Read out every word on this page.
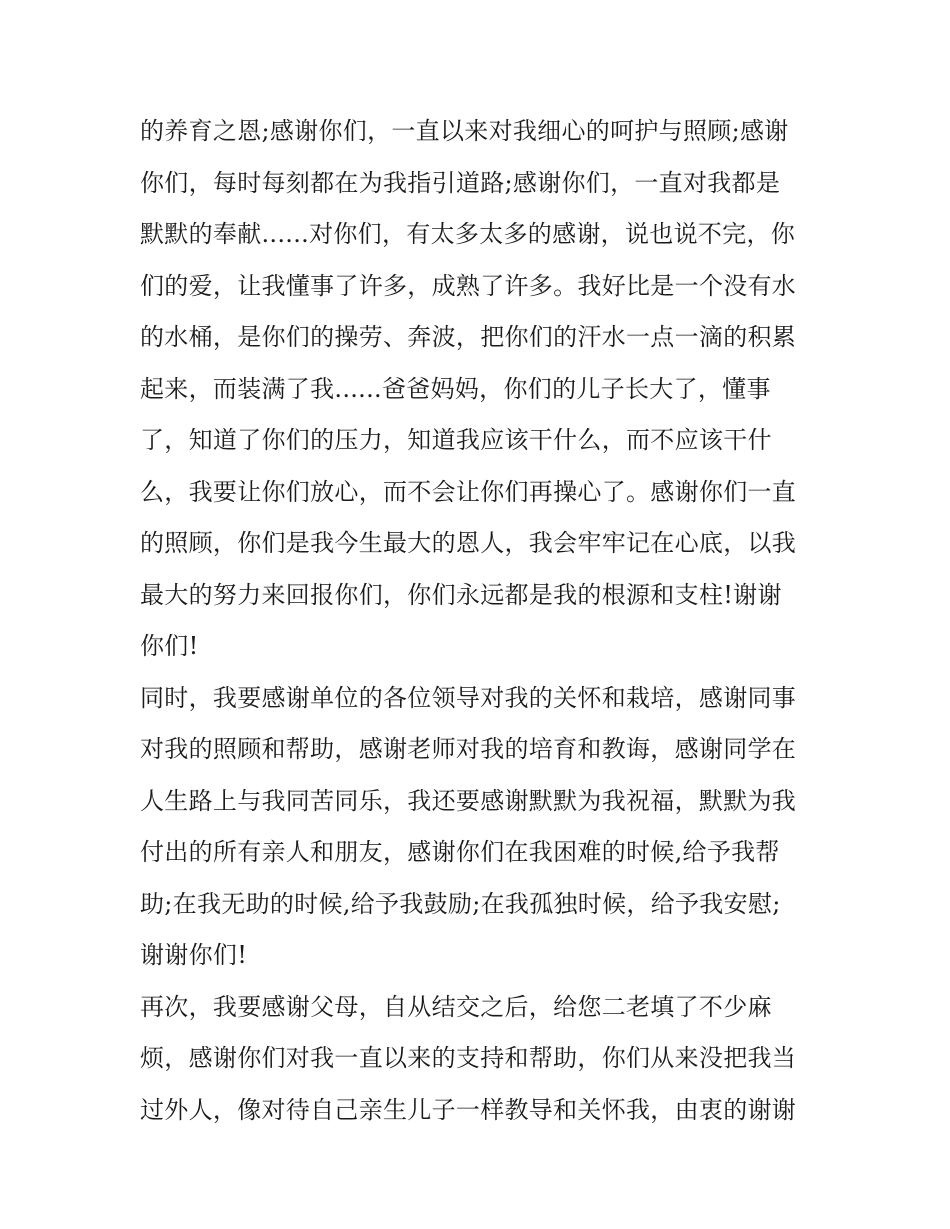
的养育之恩;感谢你们，一直以来对我细心的呵护与照顾;感谢
你们，每时每刻都在为我指引道路;感谢你们，一直对我都是
默默的奉献......对你们，有太多太多的感谢，说也说不完，你
们的爱，让我懂事了许多，成熟了许多。我好比是一个没有水
的水桶，是你们的操劳、奔波，把你们的汗水一点一滴的积累
起来，而装满了我......爸爸妈妈，你们的儿子长大了，懂事
了，知道了你们的压力，知道我应该干什么，而不应该干什
么，我要让你们放心，而不会让你们再操心了。感谢你们一直
的照顾，你们是我今生最大的恩人，我会牢牢记在心底，以我
最大的努力来回报你们，你们永远都是我的根源和支柱!谢谢
你们!
同时，我要感谢单位的各位领导对我的关怀和栽培，感谢同事
对我的照顾和帮助，感谢老师对我的培育和教诲，感谢同学在
人生路上与我同苦同乐，我还要感谢默默为我祝福，默默为我
付出的所有亲人和朋友，感谢你们在我困难的时候,给予我帮
助;在我无助的时候,给予我鼓励;在我孤独时候，给予我安慰;
谢谢你们!
再次，我要感谢父母，自从结交之后，给您二老填了不少麻
烦，感谢你们对我一直以来的支持和帮助，你们从来没把我当
过外人，像对待自己亲生儿子一样教导和关怀我，由衷的谢谢
